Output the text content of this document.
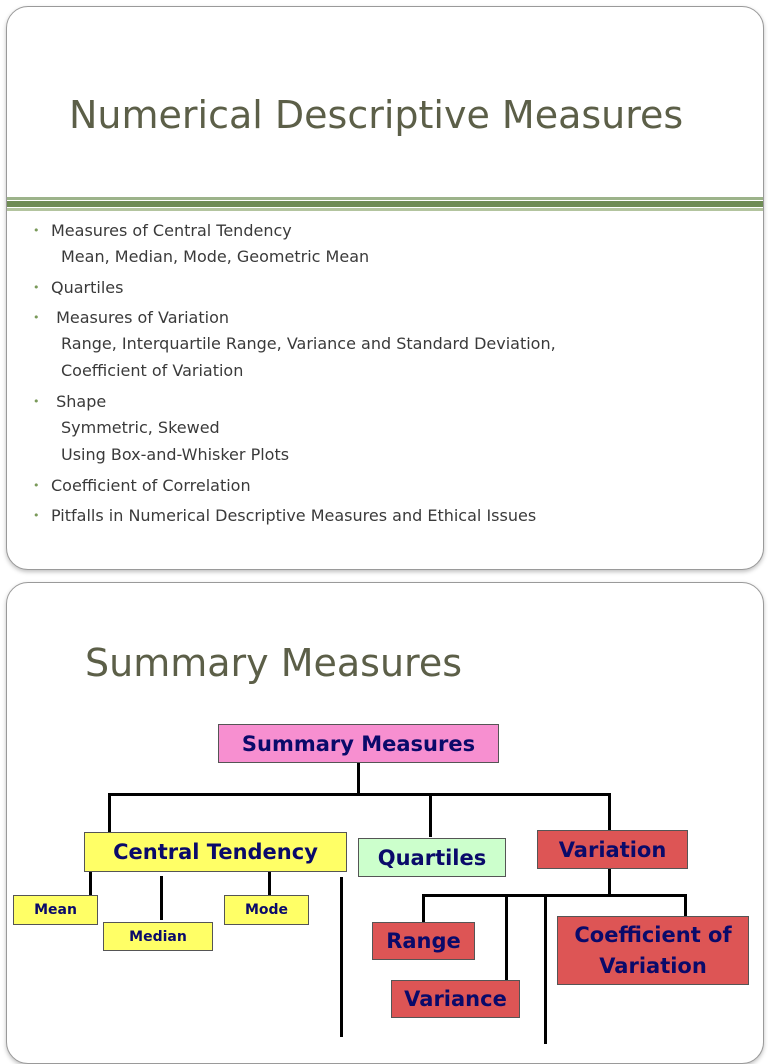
Numerical Descriptive Measures
• Measures of Central Tendency
Mean, Median, Mode, Geometric Mean
• Quartiles
• Measures of Variation
Range, Interquartile Range, Variance and Standard Deviation,
Coefficient of Variation
• Shape
Symmetric, Skewed
Using Box-and-Whisker Plots
• Coefficient of Correlation
• Pitfalls in Numerical Descriptive Measures and Ethical Issues
Summary Measures
Summary Measures
Central Tendency	Quartiles	Variation
Mean
Median
Mode
Range
Variance
Coefficient of Variation
